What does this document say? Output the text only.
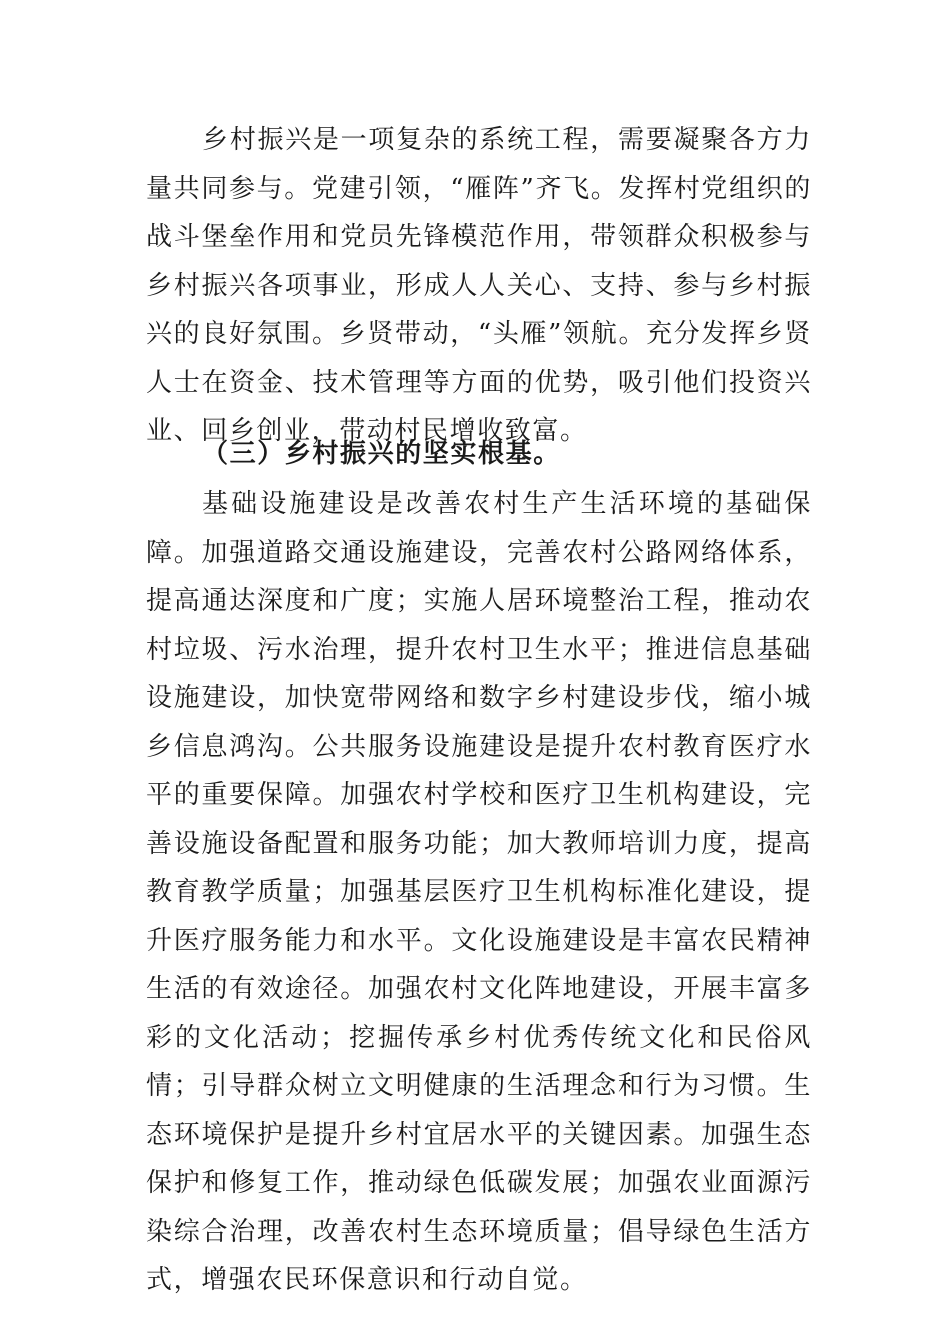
乡村振兴是一项复杂的系统工程，需要凝聚各方力量共同参与。党建引领，“雁阵”齐飞。发挥村党组织的战斗堡垒作用和党员先锋模范作用，带领群众积极参与乡村振兴各项事业，形成人人关心、支持、参与乡村振兴的良好氛围。乡贤带动，“头雁”领航。充分发挥乡贤人士在资金、技术管理等方面的优势，吸引他们投资兴业、回乡创业，带动村民增收致富。

（三）乡村振兴的坚实根基。

基础设施建设是改善农村生产生活环境的基础保障。加强道路交通设施建设，完善农村公路网络体系，提高通达深度和广度；实施人居环境整治工程，推动农村垃圾、污水治理，提升农村卫生水平；推进信息基础设施建设，加快宽带网络和数字乡村建设步伐，缩小城乡信息鸿沟。公共服务设施建设是提升农村教育医疗水平的重要保障。加强农村学校和医疗卫生机构建设，完善设施设备配置和服务功能；加大教师培训力度，提高教育教学质量；加强基层医疗卫生机构标准化建设，提升医疗服务能力和水平。文化设施建设是丰富农民精神生活的有效途径。加强农村文化阵地建设，开展丰富多彩的文化活动；挖掘传承乡村优秀传统文化和民俗风情；引导群众树立文明健康的生活理念和行为习惯。生态环境保护是提升乡村宜居水平的关键因素。加强生态保护和修复工作，推动绿色低碳发展；加强农业面源污染综合治理，改善农村生态环境质量；倡导绿色生活方式，增强农民环保意识和行动自觉。
